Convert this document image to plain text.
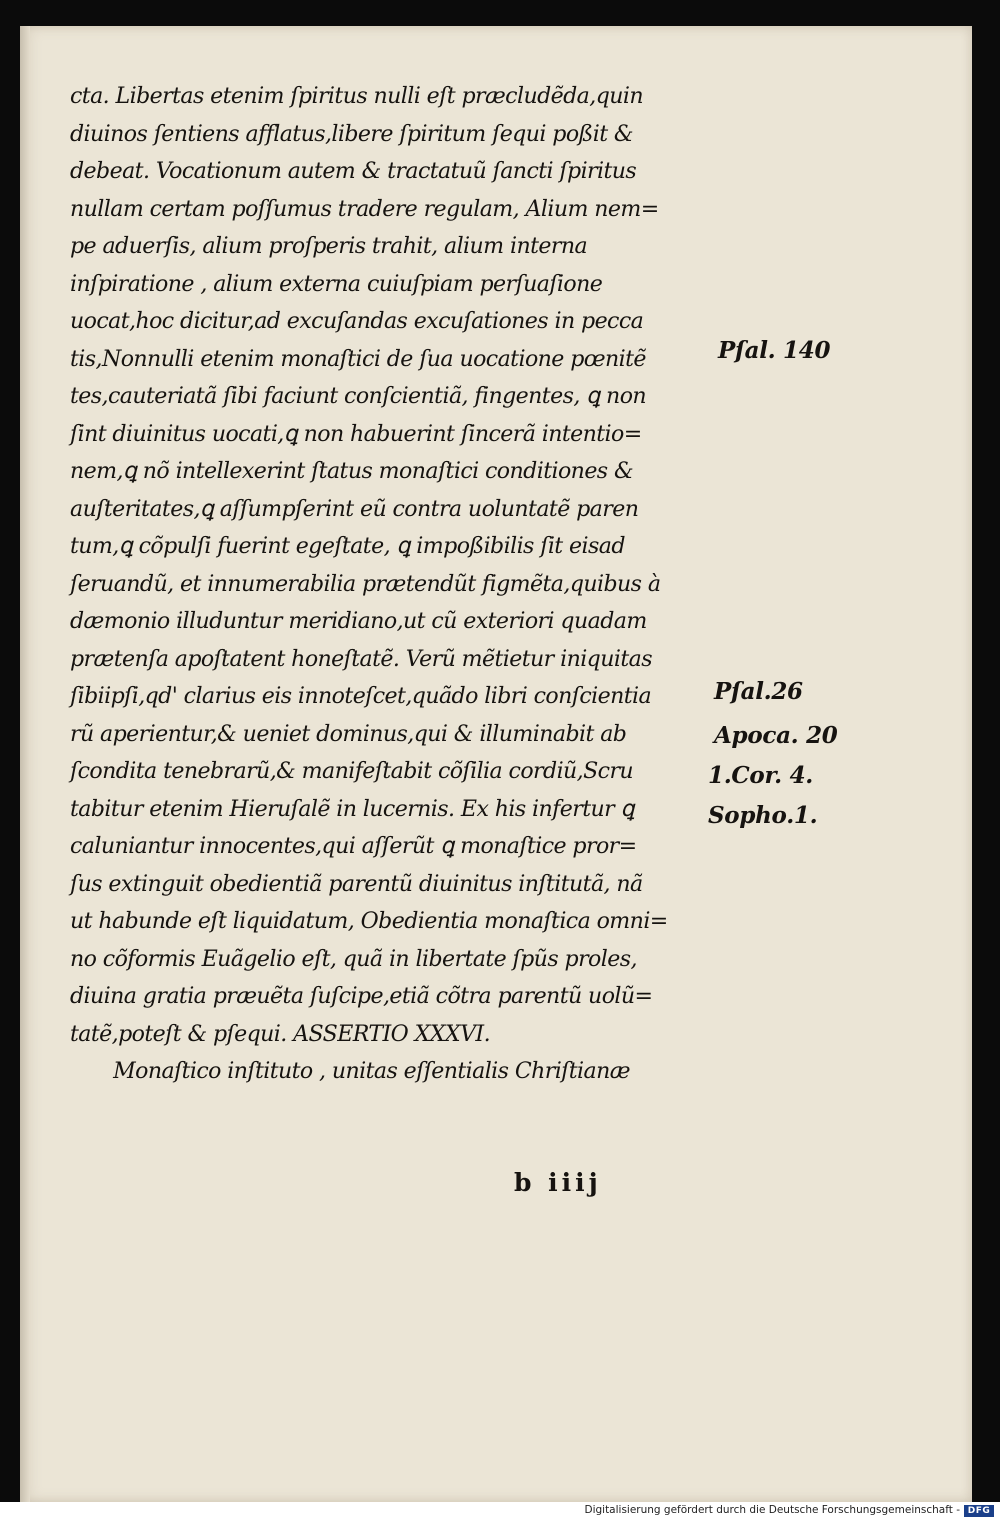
cta. Libertas etenim ſpiritus nulli eſt præcludẽda,quin
diuinos ſentiens afflatus,libere ſpiritum ſequi poßit &
debeat. Vocationum autem & tractatuũ ſancti ſpiritus
nullam certam poſſumus tradere regulam, Alium nem=
pe aduerſis, alium proſperis trahit, alium interna
inſpiratione , alium externa cuiuſpiam perſuaſione
uocat,hoc dicitur,ad excuſandas excuſationes in pecca
tis,Nonnulli etenim monaſtici de ſua uocatione pœnitẽ
tes,cauteriatã ſibi faciunt conſcientiã, fingentes, ꝗ non
ſint diuinitus uocati,ꝗ non habuerint ſincerã intentio=
nem,ꝗ nõ intellexerint ſtatus monaſtici conditiones &
auſteritates,ꝗ aſſumpſerint eũ contra uoluntatẽ paren
tum,ꝗ cõpulſi fuerint egeſtate, ꝗ impoßibilis ſit eisad
ſeruandũ, et innumerabilia prætendũt figmẽta,quibus à
dæmonio illuduntur meridiano,ut cũ exteriori quadam
prætenſa apoſtatent honeſtatẽ. Verũ mẽtietur iniquitas
ſibiipſi,qd' clarius eis innoteſcet,quãdo libri conſcientia
rũ aperientur,& ueniet dominus,qui & illuminabit ab
ſcondita tenebrarũ,& manifeſtabit cõſilia cordiũ,Scru
tabitur etenim Hieruſalẽ in lucernis. Ex his infertur ꝗ
caluniantur innocentes,qui aſſerũt ꝗ monaſtice pror=
ſus extinguit obedientiã parentũ diuinitus inſtitutã, nã
ut habunde eſt liquidatum, Obedientia monaſtica omni=
no cõformis Euãgelio eſt, quã in libertate ſpũs proles,
diuina gratia præuẽta ſuſcipe,etiã cõtra parentũ uolũ=
tatẽ,poteſt & pſequi. ASSERTIO XXXVI.
Monaſtico inſtituto , unitas eſſentialis Chriſtianæ
b iiij
Pſal. 140
Pſal.26
Apoca. 20
1.Cor. 4.
Sopho.1.
Digitalisierung gefördert durch die Deutsche Forschungsgemeinschaft - DFG
